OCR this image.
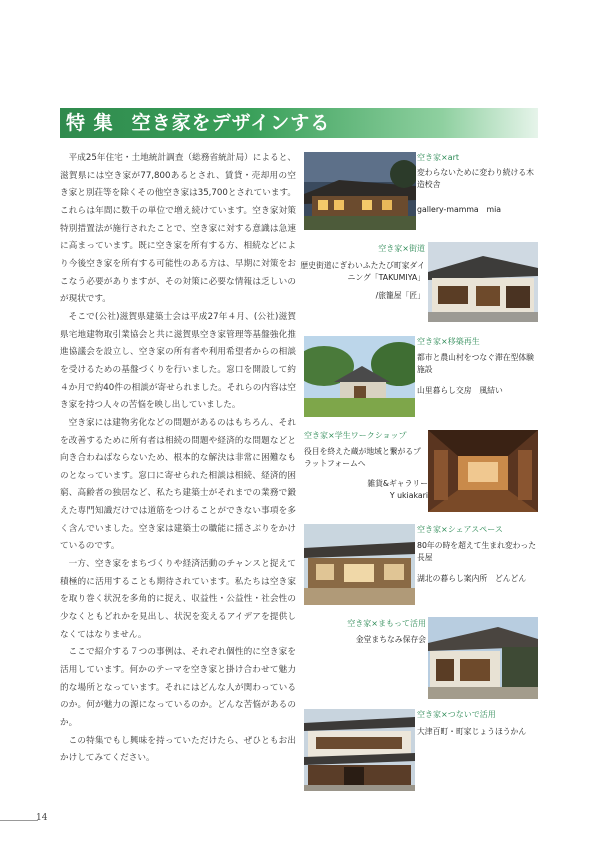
特 集 空き家をデザインする

平成25年住宅・土地統計調査（総務省統計局）によると、滋賀県には空き家が77,800あるとされ、賃貸・売却用の空き家と別荘等を除くその他空き家は35,700とされています。これらは年間に数千の単位で増え続けています。空き家対策特別措置法が施行されたことで、空き家に対する意識は急速に高まっています。既に空き家を所有する方、相続などにより今後空き家を所有する可能性のある方は、早期に対策をおこなう必要がありますが、その対策に必要な情報は乏しいのが現状です。

そこで(公社)滋賀県建築士会は平成27年４月、(公社)滋賀県宅地建物取引業協会と共に滋賀県空き家管理等基盤強化推進協議会を設立し、空き家の所有者や利用希望者からの相談を受けるための基盤づくりを行いました。窓口を開設して約４か月で約40件の相談が寄せられました。それらの内容は空き家を持つ人々の苦悩を映し出していました。

空き家には建物劣化などの問題があるのはもちろん、それを改善するために所有者は相続の問題や経済的な問題などと向き合わねばならないため、根本的な解決は非常に困難なものとなっています。窓口に寄せられた相談は相続、経済的困窮、高齢者の独居など、私たち建築士がそれまでの業務で鍛えた専門知識だけでは道筋をつけることができない事項を多く含んでいました。空き家は建築士の職能に揺さぶりをかけているのです。

一方、空き家をまちづくりや経済活動のチャンスと捉えて積極的に活用することも期待されています。私たちは空き家を取り巻く状況を多角的に捉え、収益性・公益性・社会性の少なくともどれかを見出し、状況を変えるアイデアを提供しなくてはなりません。

ここで紹介する７つの事例は、それぞれ個性的に空き家を活用しています。何かのテーマを空き家と掛け合わせて魅力的な場所となっています。それにはどんな人が関わっているのか。何が魅力の源になっているのか。どんな苦悩があるのか。

この特集でもし興味を持っていただけたら、ぜひともお出かけしてみてください。

空き家×art
変わらないために変わり続ける木造校舎
gallery-mamma　mia
空き家×街道
歴史街道にぎわいふたたび町家ダイニング「TAKUMIYA」
/旅籠屋「匠」
空き家×移築再生
都市と農山村をつなぐ滞在型体験施設
山里暮らし交房　風結い
空き家×学生ワークショップ
役目を終えた蔵が地域と繋がるプラットフォームへ
雑貨&ギャラリー
Y ukiakari
空き家×シェアスペース
80年の時を超えて生まれ変わった長屋
湖北の暮らし案内所　どんどん
空き家×まもって活用
金堂まちなみ保存会
空き家×つないで活用
大津百町・町家じょうほうかん
14
